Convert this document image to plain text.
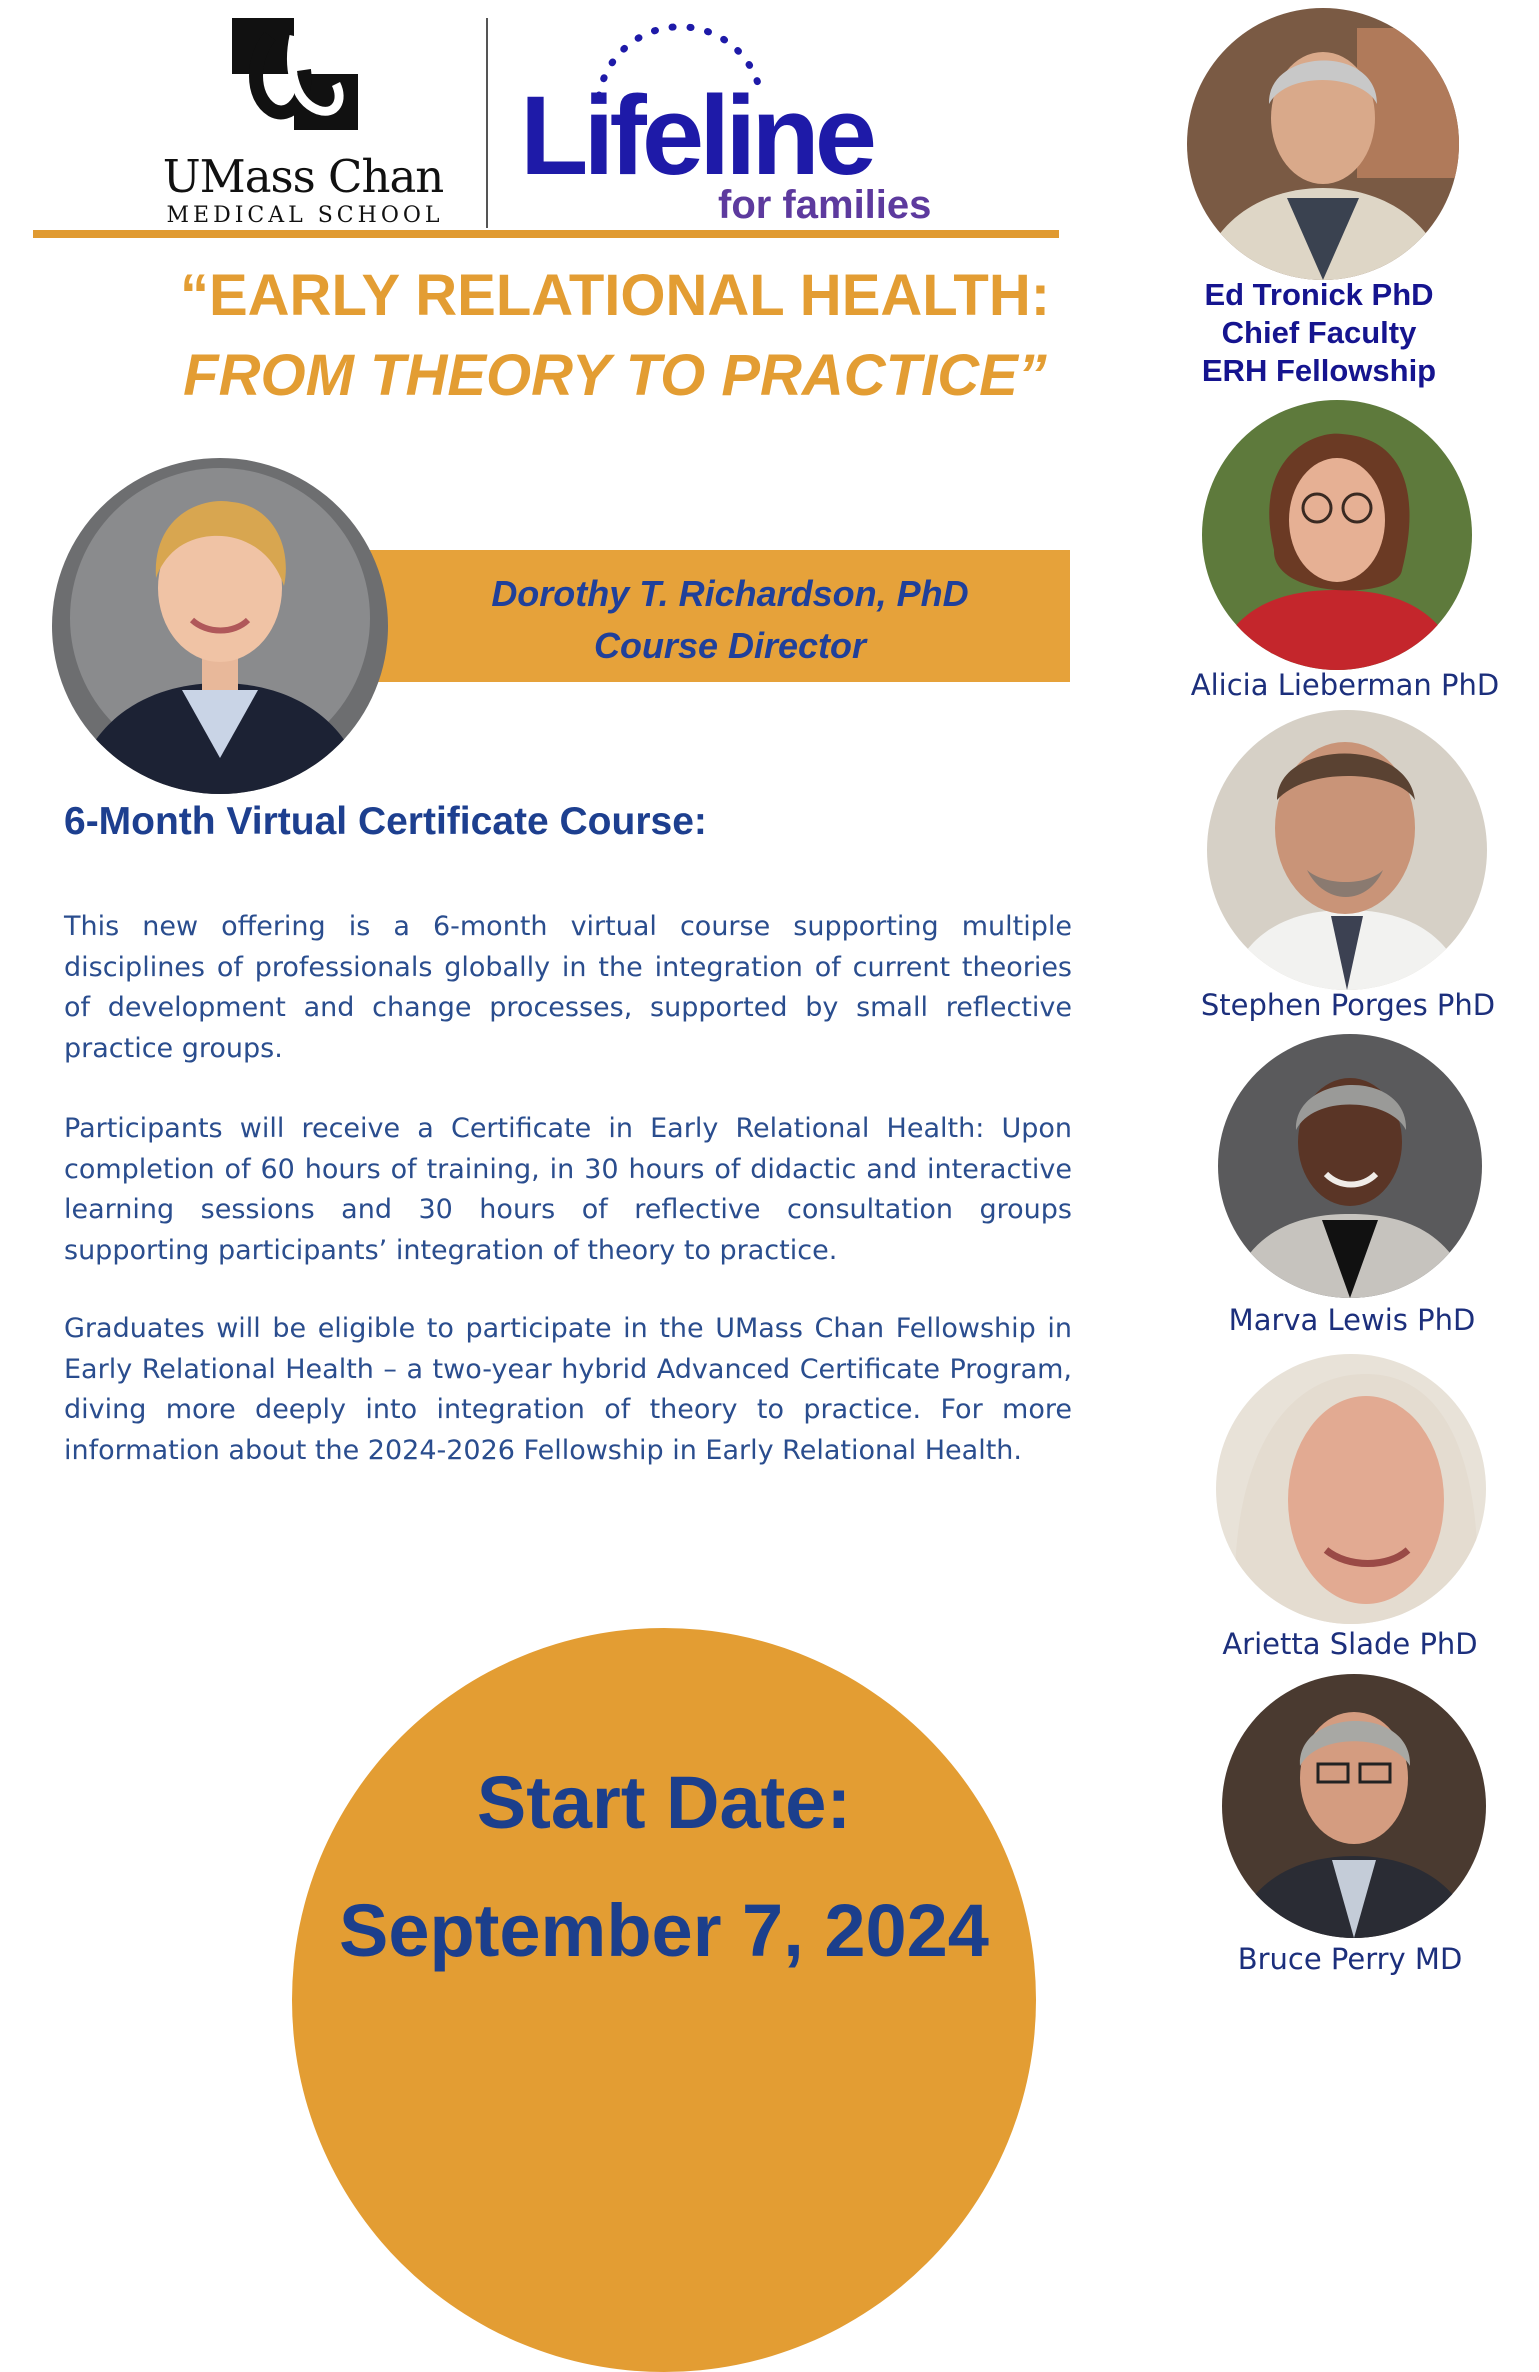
UMass Chan
MEDICAL SCHOOL
Lifeline
for families
“EARLY RELATIONAL HEALTH:
FROM THEORY TO PRACTICE”
Dorothy T. Richardson, PhD
Course Director
6-Month Virtual Certificate Course:
This new offering is a 6-month virtual course supporting multiple disciplines of professionals globally in the integration of current theories of development and change processes, supported by small reflective practice groups.
Participants will receive a Certificate in Early Relational Health: Upon completion of 60 hours of training, in 30 hours of didactic and interactive learning sessions and 30 hours of reflective consultation groups supporting participants’ integration of theory to practice.
Graduates will be eligible to participate in the UMass Chan Fellowship in Early Relational Health – a two-year hybrid Advanced Certificate Program, diving more deeply into integration of theory to practice. For more information about the 2024-2026 Fellowship in Early Relational Health.
Start Date:
September 7, 2024
Ed Tronick PhD
Chief Faculty
ERH Fellowship
Alicia Lieberman PhD
Stephen Porges PhD
Marva Lewis PhD
Arietta Slade PhD
Bruce Perry MD
